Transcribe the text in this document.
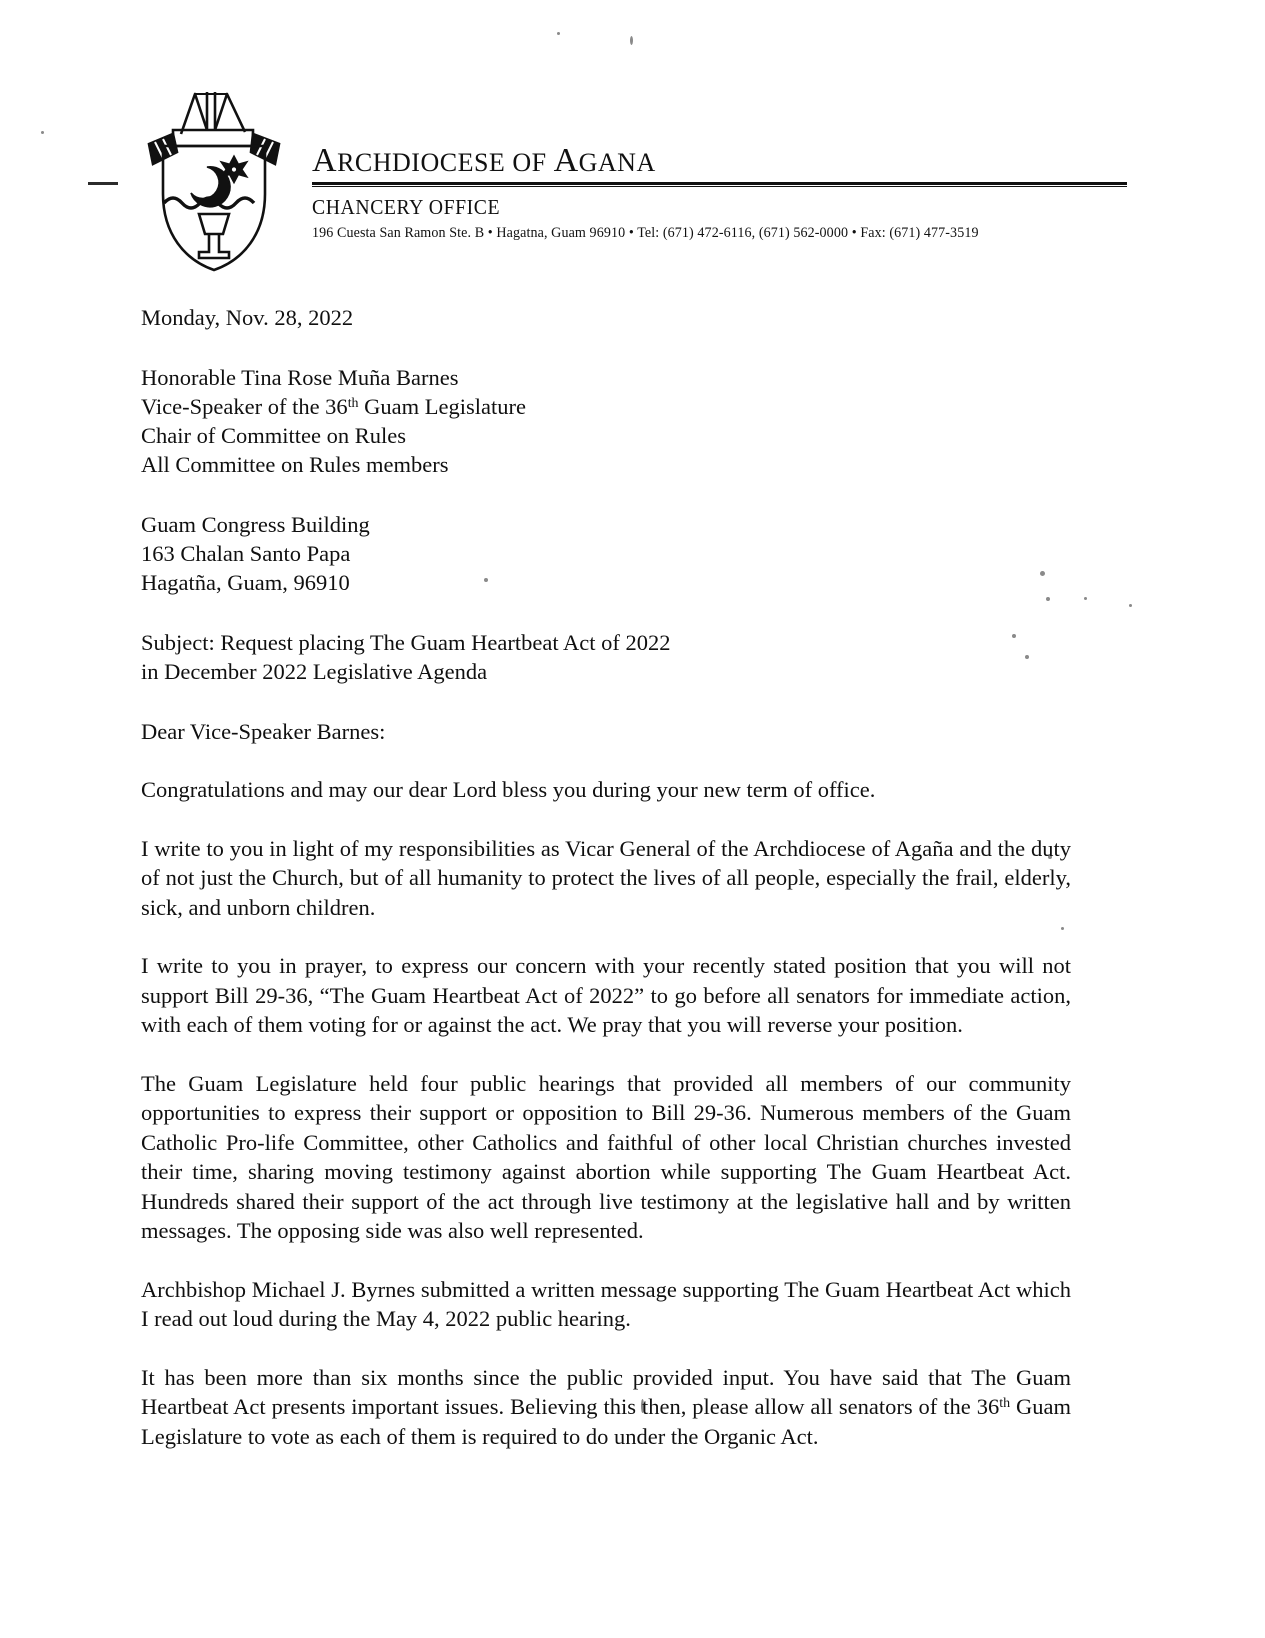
ARCHDIOCESE OF AGANA
CHANCERY OFFICE
196 Cuesta San Ramon Ste. B • Hagatna, Guam 96910 • Tel: (671) 472-6116, (671) 562-0000 • Fax: (671) 477-3519
Monday, Nov. 28, 2022
Honorable Tina Rose Muña Barnes
Vice-Speaker of the 36th Guam Legislature
Chair of Committee on Rules
All Committee on Rules members
Guam Congress Building
163 Chalan Santo Papa
Hagatña, Guam, 96910
Subject: Request placing The Guam Heartbeat Act of 2022
in December 2022 Legislative Agenda
Dear Vice-Speaker Barnes:

Congratulations and may our dear Lord bless you during your new term of office.

I write to you in light of my responsibilities as Vicar General of the Archdiocese of Agaña and the duty of not just the Church, but of all humanity to protect the lives of all people, especially the frail, elderly, sick, and unborn children.

I write to you in prayer, to express our concern with your recently stated position that you will not support Bill 29-36, “The Guam Heartbeat Act of 2022” to go before all senators for immediate action, with each of them voting for or against the act. We pray that you will reverse your position.

The Guam Legislature held four public hearings that provided all members of our community opportunities to express their support or opposition to Bill 29-36. Numerous members of the Guam Catholic Pro-life Committee, other Catholics and faithful of other local Christian churches invested their time, sharing moving testimony against abortion while supporting The Guam Heartbeat Act. Hundreds shared their support of the act through live testimony at the legislative hall and by written messages. The opposing side was also well represented.

Archbishop Michael J. Byrnes submitted a written message supporting The Guam Heartbeat Act which I read out loud during the May 4, 2022 public hearing.

It has been more than six months since the public provided input. You have said that The Guam Heartbeat Act presents important issues. Believing this then, please allow all senators of the 36th Guam Legislature to vote as each of them is required to do under the Organic Act.
